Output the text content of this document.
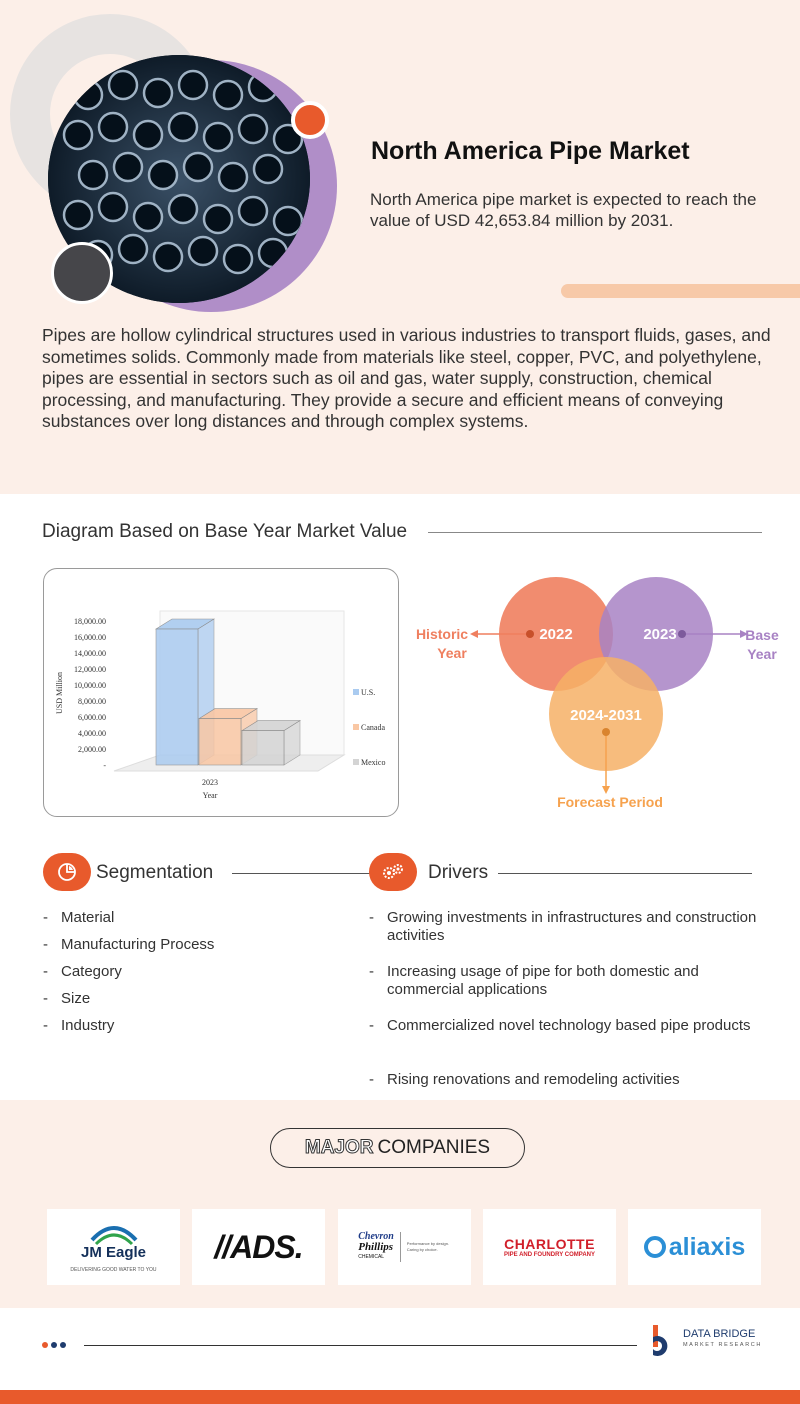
North America Pipe Market
North America pipe market is expected to reach the value of USD 42,653.84 million by 2031.
Pipes are hollow cylindrical structures used in various industries to transport fluids, gases, and sometimes solids. Commonly made from materials like steel, copper, PVC, and polyethylene, pipes are essential in sectors such as oil and gas, water supply, construction, chemical processing, and manufacturing. They provide a secure and efficient means of conveying substances over long distances and through complex systems.
Diagram Based on Base Year Market Value
18,000.00
16,000.00
14,000.00
12,000.00
10,000.00
8,000.00
6,000.00
4,000.00
2,000.00
-
2023
Year
USD Million	U.S.
Canada
Mexico
2022	2023
2024-2031
Historic
Year
Base
Year
Forecast Period
Segmentation	Drivers
- Material
- Manufacturing Process
- Category
- Size
- Industry
- Growing investments in infrastructures and construction activities
- Increasing usage of pipe for both domestic and commercial applications
- Commercialized novel technology based pipe products
- Rising renovations and remodeling activities
MAJOR COMPANIES
JM Eagle
DELIVERING GOOD WATER TO YOU
//ADS.	Chevron
Phillips
CHEMICAL
Performance by design. Caring by choice.	CHARLOTTE
PIPE AND FOUNDRY COMPANY	aliaxis
DATA BRIDGE
MARKET RESEARCH
